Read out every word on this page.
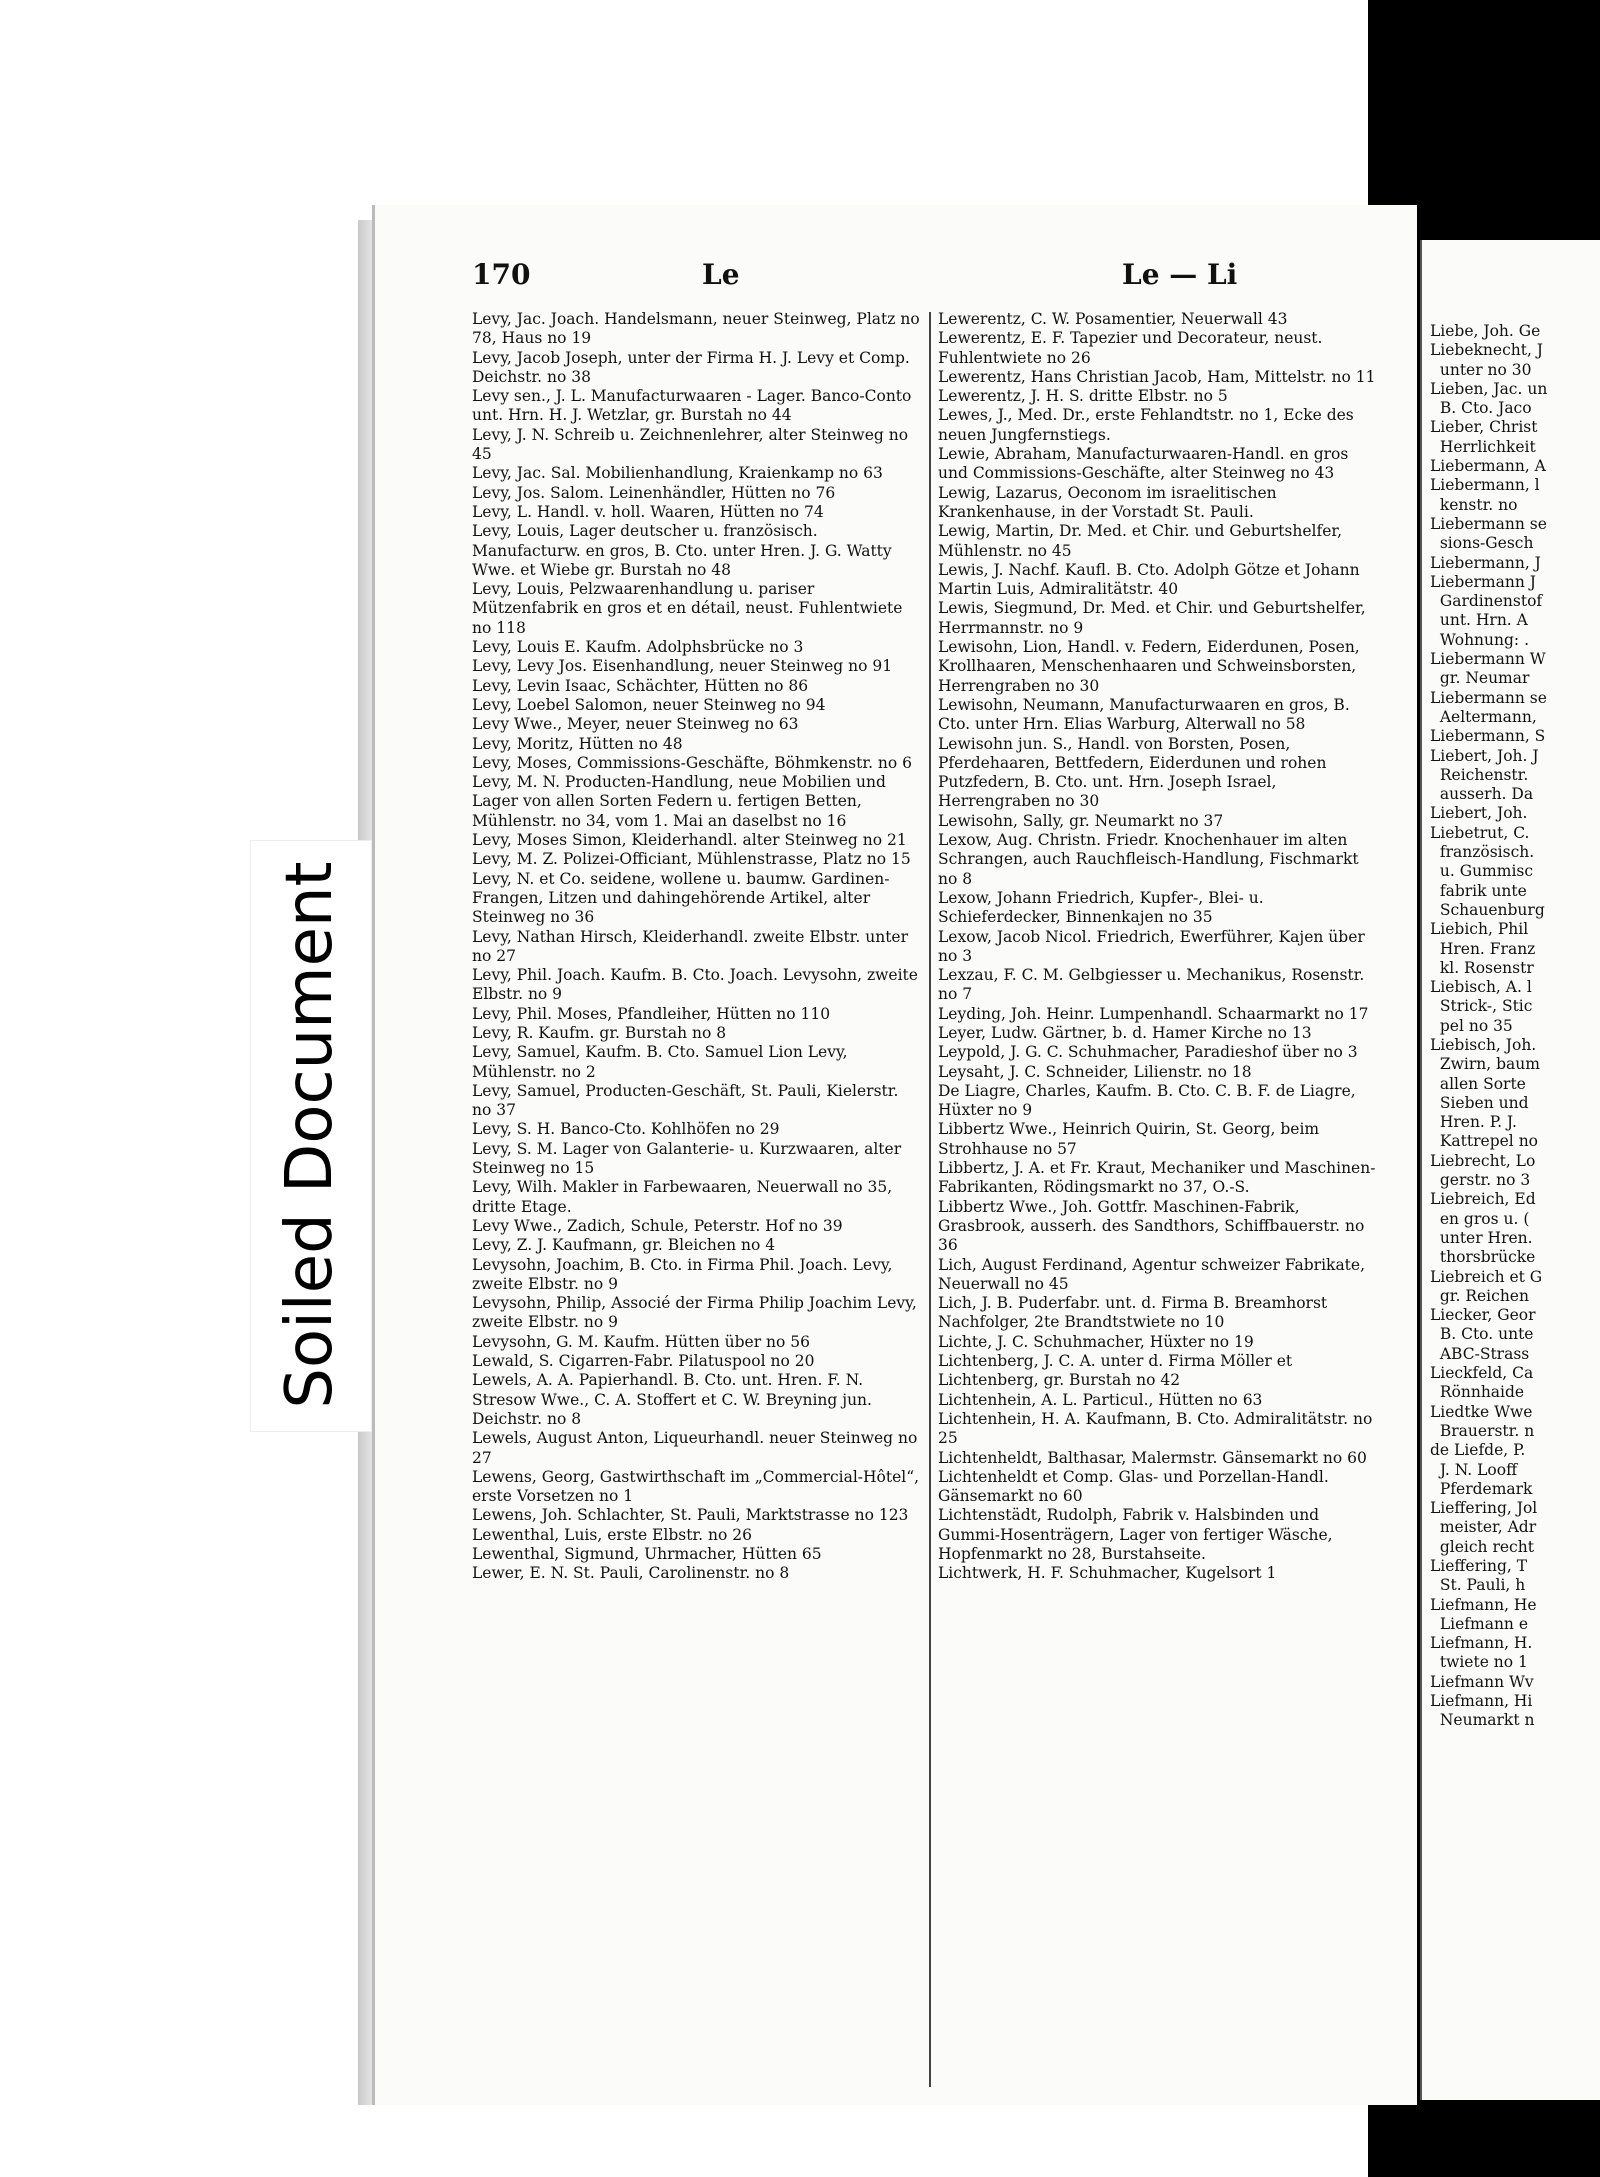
170	Le	Le — Li
Levy, Jac. Joach. Handelsmann, neuer Steinweg, Platz no 78, Haus no 19
Levy, Jacob Joseph, unter der Firma H. J. Levy et Comp. Deichstr. no 38
Levy sen., J. L. Manufacturwaaren - Lager. Banco-Conto unt. Hrn. H. J. Wetzlar, gr. Burstah no 44
Levy, J. N. Schreib u. Zeichnenlehrer, alter Steinweg no 45
Levy, Jac. Sal. Mobilienhandlung, Kraienkamp no 63
Levy, Jos. Salom. Leinenhändler, Hütten no 76
Levy, L. Handl. v. holl. Waaren, Hütten no 74
Levy, Louis, Lager deutscher u. französisch. Manufacturw. en gros, B. Cto. unter Hren. J. G. Watty Wwe. et Wiebe gr. Burstah no 48
Levy, Louis, Pelzwaarenhandlung u. pariser Mützenfabrik en gros et en détail, neust. Fuhlentwiete no 118
Levy, Louis E. Kaufm. Adolphsbrücke no 3
Levy, Levy Jos. Eisenhandlung, neuer Steinweg no 91
Levy, Levin Isaac, Schächter, Hütten no 86
Levy, Loebel Salomon, neuer Steinweg no 94
Levy Wwe., Meyer, neuer Steinweg no 63
Levy, Moritz, Hütten no 48
Levy, Moses, Commissions-Geschäfte, Böhmkenstr. no 6
Levy, M. N. Producten-Handlung, neue Mobilien und Lager von allen Sorten Federn u. fertigen Betten, Mühlenstr. no 34, vom 1. Mai an daselbst no 16
Levy, Moses Simon, Kleiderhandl. alter Steinweg no 21
Levy, M. Z. Polizei-Officiant, Mühlenstrasse, Platz no 15
Levy, N. et Co. seidene, wollene u. baumw. Gardinen-Frangen, Litzen und dahingehörende Artikel, alter Steinweg no 36
Levy, Nathan Hirsch, Kleiderhandl. zweite Elbstr. unter no 27
Levy, Phil. Joach. Kaufm. B. Cto. Joach. Levysohn, zweite Elbstr. no 9
Levy, Phil. Moses, Pfandleiher, Hütten no 110
Levy, R. Kaufm. gr. Burstah no 8
Levy, Samuel, Kaufm. B. Cto. Samuel Lion Levy, Mühlenstr. no 2
Levy, Samuel, Producten-Geschäft, St. Pauli, Kielerstr. no 37
Levy, S. H. Banco-Cto. Kohlhöfen no 29
Levy, S. M. Lager von Galanterie- u. Kurzwaaren, alter Steinweg no 15
Levy, Wilh. Makler in Farbewaaren, Neuerwall no 35, dritte Etage.
Levy Wwe., Zadich, Schule, Peterstr. Hof no 39
Levy, Z. J. Kaufmann, gr. Bleichen no 4
Levysohn, Joachim, B. Cto. in Firma Phil. Joach. Levy, zweite Elbstr. no 9
Levysohn, Philip, Associé der Firma Philip Joachim Levy, zweite Elbstr. no 9
Levysohn, G. M. Kaufm. Hütten über no 56
Lewald, S. Cigarren-Fabr. Pilatuspool no 20
Lewels, A. A. Papierhandl. B. Cto. unt. Hren. F. N. Stresow Wwe., C. A. Stoffert et C. W. Breyning jun. Deichstr. no 8
Lewels, August Anton, Liqueurhandl. neuer Steinweg no 27
Lewens, Georg, Gastwirthschaft im „Commercial-Hôtel“, erste Vorsetzen no 1
Lewens, Joh. Schlachter, St. Pauli, Marktstrasse no 123
Lewenthal, Luis, erste Elbstr. no 26
Lewenthal, Sigmund, Uhrmacher, Hütten 65
Lewer, E. N. St. Pauli, Carolinenstr. no 8
Lewerentz, C. W. Posamentier, Neuerwall 43
Lewerentz, E. F. Tapezier und Decorateur, neust. Fuhlentwiete no 26
Lewerentz, Hans Christian Jacob, Ham, Mittelstr. no 11
Lewerentz, J. H. S. dritte Elbstr. no 5
Lewes, J., Med. Dr., erste Fehlandtstr. no 1, Ecke des neuen Jungfernstiegs.
Lewie, Abraham, Manufacturwaaren-Handl. en gros und Commissions-Geschäfte, alter Steinweg no 43
Lewig, Lazarus, Oeconom im israelitischen Krankenhause, in der Vorstadt St. Pauli.
Lewig, Martin, Dr. Med. et Chir. und Geburtshelfer, Mühlenstr. no 45
Lewis, J. Nachf. Kaufl. B. Cto. Adolph Götze et Johann Martin Luis, Admiralitätstr. 40
Lewis, Siegmund, Dr. Med. et Chir. und Geburtshelfer, Herrmannstr. no 9
Lewisohn, Lion, Handl. v. Federn, Eiderdunen, Posen, Krollhaaren, Menschenhaaren und Schweinsborsten, Herrengraben no 30
Lewisohn, Neumann, Manufacturwaaren en gros, B. Cto. unter Hrn. Elias Warburg, Alterwall no 58
Lewisohn jun. S., Handl. von Borsten, Posen, Pferdehaaren, Bettfedern, Eiderdunen und rohen Putzfedern, B. Cto. unt. Hrn. Joseph Israel, Herrengraben no 30
Lewisohn, Sally, gr. Neumarkt no 37
Lexow, Aug. Christn. Friedr. Knochenhauer im alten Schrangen, auch Rauchfleisch-Handlung, Fischmarkt no 8
Lexow, Johann Friedrich, Kupfer-, Blei- u. Schieferdecker, Binnenkajen no 35
Lexow, Jacob Nicol. Friedrich, Ewerführer, Kajen über no 3
Lexzau, F. C. M. Gelbgiesser u. Mechanikus, Rosenstr. no 7
Leyding, Joh. Heinr. Lumpenhandl. Schaarmarkt no 17
Leyer, Ludw. Gärtner, b. d. Hamer Kirche no 13
Leypold, J. G. C. Schuhmacher, Paradieshof über no 3
Leysaht, J. C. Schneider, Lilienstr. no 18
De Liagre, Charles, Kaufm. B. Cto. C. B. F. de Liagre, Hüxter no 9
Libbertz Wwe., Heinrich Quirin, St. Georg, beim Strohhause no 57
Libbertz, J. A. et Fr. Kraut, Mechaniker und Maschinen-Fabrikanten, Rödingsmarkt no 37, O.-S.
Libbertz Wwe., Joh. Gottfr. Maschinen-Fabrik, Grasbrook, ausserh. des Sandthors, Schiffbauerstr. no 36
Lich, August Ferdinand, Agentur schweizer Fabrikate, Neuerwall no 45
Lich, J. B. Puderfabr. unt. d. Firma B. Breamhorst Nachfolger, 2te Brandtstwiete no 10
Lichte, J. C. Schuhmacher, Hüxter no 19
Lichtenberg, J. C. A. unter d. Firma Möller et Lichtenberg, gr. Burstah no 42
Lichtenhein, A. L. Particul., Hütten no 63
Lichtenhein, H. A. Kaufmann, B. Cto. Admiralitätstr. no 25
Lichtenheldt, Balthasar, Malermstr. Gänsemarkt no 60
Lichtenheldt et Comp. Glas- und Porzellan-Handl. Gänsemarkt no 60
Lichtenstädt, Rudolph, Fabrik v. Halsbinden und Gummi-Hosenträgern, Lager von fertiger Wäsche, Hopfenmarkt no 28, Burstahseite.
Lichtwerk, H. F. Schuhmacher, Kugelsort 1
Liebe, Joh. Ge
Liebeknecht, J
unter no 30
Lieben, Jac. un
B. Cto. Jaco
Lieber, Christ
Herrlichkeit
Liebermann, A
Liebermann, l
kenstr. no
Liebermann se
sions-Gesch
Liebermann, J
Liebermann J
Gardinenstof
unt. Hrn. A
Wohnung: .
Liebermann W
gr. Neumar
Liebermann se
Aeltermann,
Liebermann, S
Liebert, Joh. J
Reichenstr.
ausserh. Da
Liebert, Joh.
Liebetrut, C.
französisch.
u. Gummisc
fabrik unte
Schauenburg
Liebich, Phil
Hren. Franz
kl. Rosenstr
Liebisch, A. l
Strick-, Stic
pel no 35
Liebisch, Joh.
Zwirn, baum
allen Sorte
Sieben und
Hren. P. J.
Kattrepel no
Liebrecht, Lo
gerstr. no 3
Liebreich, Ed
en gros u. (
unter Hren.
thorsbrücke
Liebreich et G
gr. Reichen
Liecker, Geor
B. Cto. unte
ABC-Strass
Lieckfeld, Ca
Rönnhaide
Liedtke Wwe
Brauerstr. n
de Liefde, P.
J. N. Looff
Pferdemark
Lieffering, Jol
meister, Adr
gleich recht
Lieffering, T
St. Pauli, h
Liefmann, He
Liefmann e
Liefmann, H.
twiete no 1
Liefmann Wv
Liefmann, Hi
Neumarkt n
Soiled Document
